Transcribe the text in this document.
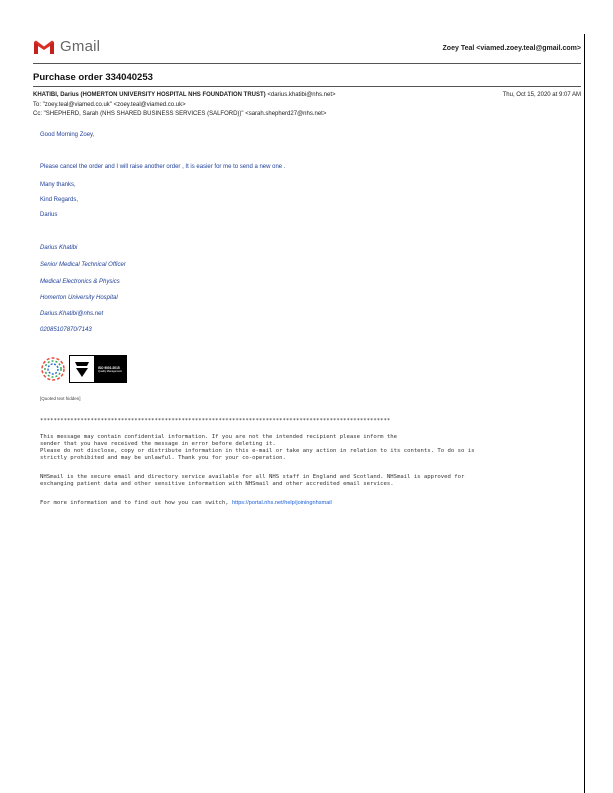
Gmail	Zoey Teal <viamed.zoey.teal@gmail.com>
Purchase order 334040253
KHATIBI, Darius (HOMERTON UNIVERSITY HOSPITAL NHS FOUNDATION TRUST) <darius.khatibi@nhs.net>
To: "zoey.teal@viamed.co.uk" <zoey.teal@viamed.co.uk>
Cc: "SHEPHERD, Sarah (NHS SHARED BUSINESS SERVICES (SALFORD))" <sarah.shepherd27@nhs.net>
Thu, Oct 15, 2020 at 9:07 AM
Good Morning Zoey,
Please cancel the order and I will raise another order , It is easier for me to send a new one .
Many thanks,
Kind Regards,
Darius
Darius Khatibi
Senior Medical Technical Officer
Medical Electronics & Physics
Homerton University Hospital
Darius.Khatibi@nhs.net
02085107870/7143
ISO 9001:2015
Quality Management
[Quoted text hidden]
********************************************************************************************************
This message may contain confidential information. If you are not the intended recipient please inform the
sender that you have received the message in error before deleting it.
Please do not disclose, copy or distribute information in this e-mail or take any action in relation to its contents. To do so is
strictly prohibited and may be unlawful. Thank you for your co-operation.
NHSmail is the secure email and directory service available for all NHS staff in England and Scotland. NHSmail is approved for
exchanging patient data and other sensitive information with NHSmail and other accredited email services.
For more information and to find out how you can switch, https://portal.nhs.net/help/joiningnhsmail
